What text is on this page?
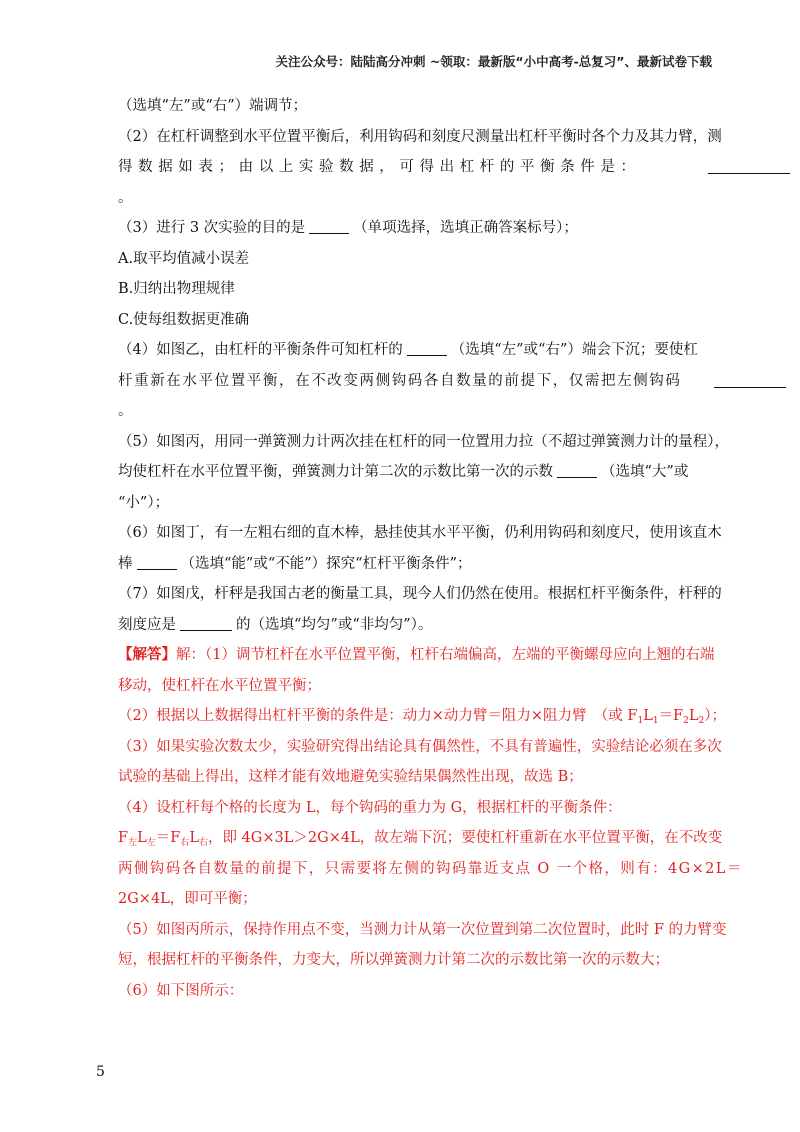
关注公众号：陆陆高分冲刺 ~领取：最新版“小中高考-总复习”、最新试卷下载
（选填“左”或“右”）端调节；
（2）在杠杆调整到水平位置平衡后，利用钩码和刻度尺测量出杠杆平衡时各个力及其力臂，测
得数据如表；由以上实验数据，可得出杠杆的平衡条件是：
。
（3）进行 3 次实验的目的是	（单项选择，选填正确答案标号）；
A.取平均值减小误差
B.归纳出物理规律
C.使每组数据更准确
（4）如图乙，由杠杆的平衡条件可知杠杆的	（选填“左”或“右”）端会下沉；要使杠
杆重新在水平位置平衡，在不改变两侧钩码各自数量的前提下，仅需把左侧钩码
。
（5）如图丙，用同一弹簧测力计两次挂在杠杆的同一位置用力拉（不超过弹簧测力计的量程），
均使杠杆在水平位置平衡，弹簧测力计第二次的示数比第一次的示数	（选填“大”或
“小”）；
（6）如图丁，有一左粗右细的直木棒，悬挂使其水平平衡，仍利用钩码和刻度尺，使用该直木
棒	（选填“能”或“不能”）探究“杠杆平衡条件”；
（7）如图戊，杆秤是我国古老的衡量工具，现今人们仍然在使用。根据杠杆平衡条件，杆秤的
刻度应是	的（选填“均匀”或“非均匀”）。
【解答】解：（1）调节杠杆在水平位置平衡，杠杆右端偏高，左端的平衡螺母应向上翘的右端
移动，使杠杆在水平位置平衡；
（2）根据以上数据得出杠杆平衡的条件是：动力×动力臂＝阻力×阻力臂　（或 $F_1L_1=F_2L_2$）；
（3）如果实验次数太少，实验研究得出结论具有偶然性，不具有普遍性，实验结论必须在多次
试验的基础上得出，这样才能有效地避免实验结果偶然性出现，故选 B；
（4）设杠杆每个格的长度为 L，每个钩码的重力为 G，根据杠杆的平衡条件：
$F_左L_左=F_右L_右$，即 4G×3L＞2G×4L，故左端下沉；要使杠杆重新在水平位置平衡，在不改变
两侧钩码各自数量的前提下，只需要将左侧的钩码靠近支点 O 一个格，则有：4G×2L＝
2G×4L，即可平衡；
（5）如图丙所示，保持作用点不变，当测力计从第一次位置到第二次位置时，此时 F 的力臂变
短，根据杠杆的平衡条件，力变大，所以弹簧测力计第二次的示数比第一次的示数大；
（6）如下图所示：
5
